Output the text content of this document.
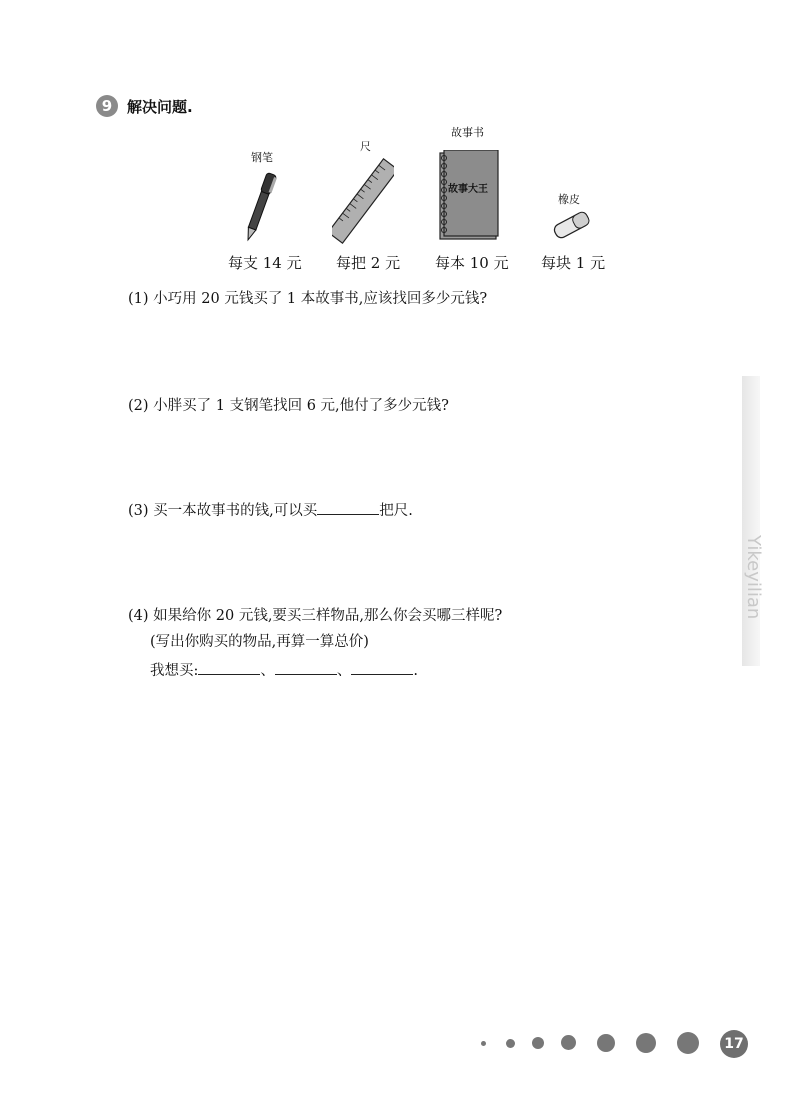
9 解决问题.
钢笔
尺
故事书
橡皮
故事大王
每支 14 元 每把 2 元 每本 10 元 每块 1 元
(1) 小巧用 20 元钱买了 1 本故事书,应该找回多少元钱?
(2) 小胖买了 1 支钢笔找回 6 元,他付了多少元钱?
(3) 买一本故事书的钱,可以买	把尺.
(4) 如果给你 20 元钱,要买三样物品,那么你会买哪三样呢?
(写出你购买的物品,再算一算总价)
我想买:	、	、	.
Yikeyilian
17
